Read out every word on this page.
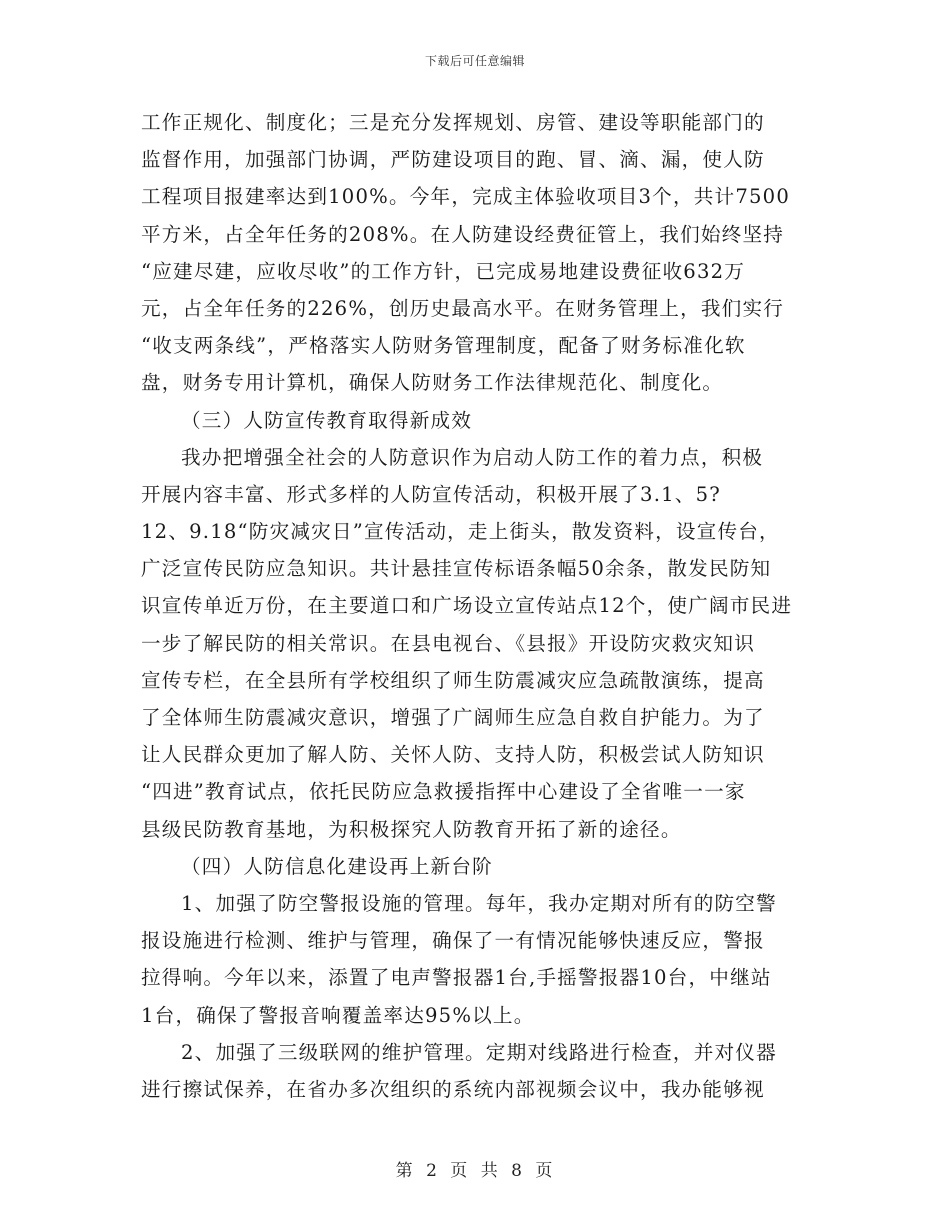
下载后可任意编辑
工作正规化、制度化；三是充分发挥规划、房管、建设等职能部门的
监督作用，加强部门协调，严防建设项目的跑、冒、滴、漏，使人防
工程项目报建率达到100%。今年，完成主体验收项目3个，共计7500
平方米，占全年任务的208%。在人防建设经费征管上，我们始终坚持
“应建尽建，应收尽收”的工作方针，已完成易地建设费征收632万
元，占全年任务的226%，创历史最高水平。在财务管理上，我们实行
“收支两条线”，严格落实人防财务管理制度，配备了财务标准化软
盘，财务专用计算机，确保人防财务工作法律规范化、制度化。
（三）人防宣传教育取得新成效
我办把增强全社会的人防意识作为启动人防工作的着力点，积极
开展内容丰富、形式多样的人防宣传活动，积极开展了3.1、5?
12、9.18“防灾减灾日”宣传活动，走上街头，散发资料，设宣传台，
广泛宣传民防应急知识。共计悬挂宣传标语条幅50余条，散发民防知
识宣传单近万份，在主要道口和广场设立宣传站点12个，使广阔市民进
一步了解民防的相关常识。在县电视台、《县报》开设防灾救灾知识
宣传专栏，在全县所有学校组织了师生防震减灾应急疏散演练，提高
了全体师生防震减灾意识，增强了广阔师生应急自救自护能力。为了
让人民群众更加了解人防、关怀人防、支持人防，积极尝试人防知识
“四进”教育试点，依托民防应急救援指挥中心建设了全省唯一一家
县级民防教育基地，为积极探究人防教育开拓了新的途径。
（四）人防信息化建设再上新台阶
1、加强了防空警报设施的管理。每年，我办定期对所有的防空警
报设施进行检测、维护与管理，确保了一有情况能够快速反应，警报
拉得响。今年以来，添置了电声警报器1台,手摇警报器10台，中继站
1台，确保了警报音响覆盖率达95%以上。
2、加强了三级联网的维护管理。定期对线路进行检查，并对仪器
进行擦试保养，在省办多次组织的系统内部视频会议中，我办能够视
第 2 页 共 8 页
